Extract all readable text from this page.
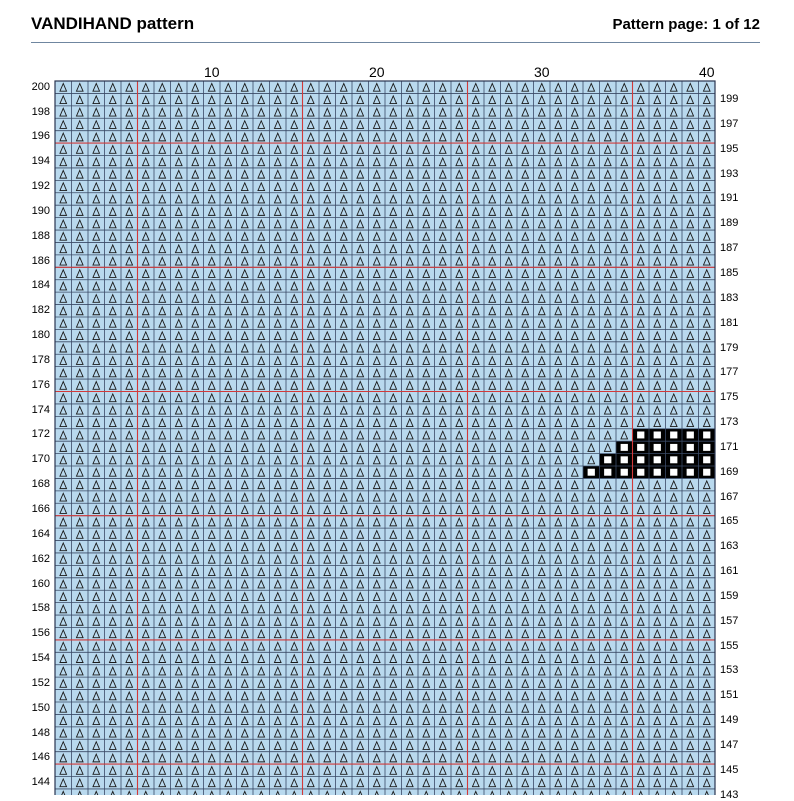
VANDIHAND pattern	Pattern page: 1 of 12
10	20	30	40
200
198
196
194
192
190
188
186
184
182
180
178
176
174
172
170
168
166
164
162
160
158
156
154
152
150
148
146
144
199
197
195
193
191
189
187
185
183
181
179
177
175
173
171
169
167
165
163
161
159
157
155
153
151
149
147
145
143
